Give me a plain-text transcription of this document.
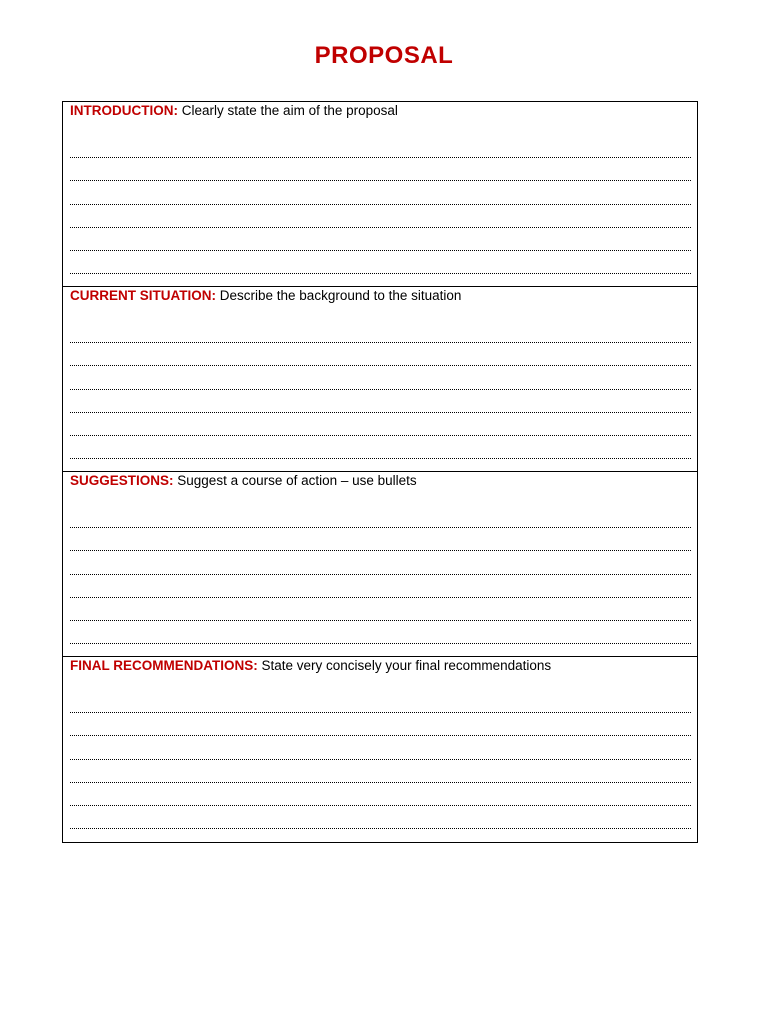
PROPOSAL
INTRODUCTION: Clearly state the aim of the proposal
CURRENT SITUATION: Describe the background to the situation
SUGGESTIONS: Suggest a course of action – use bullets
FINAL RECOMMENDATIONS: State very concisely your final recommendations
